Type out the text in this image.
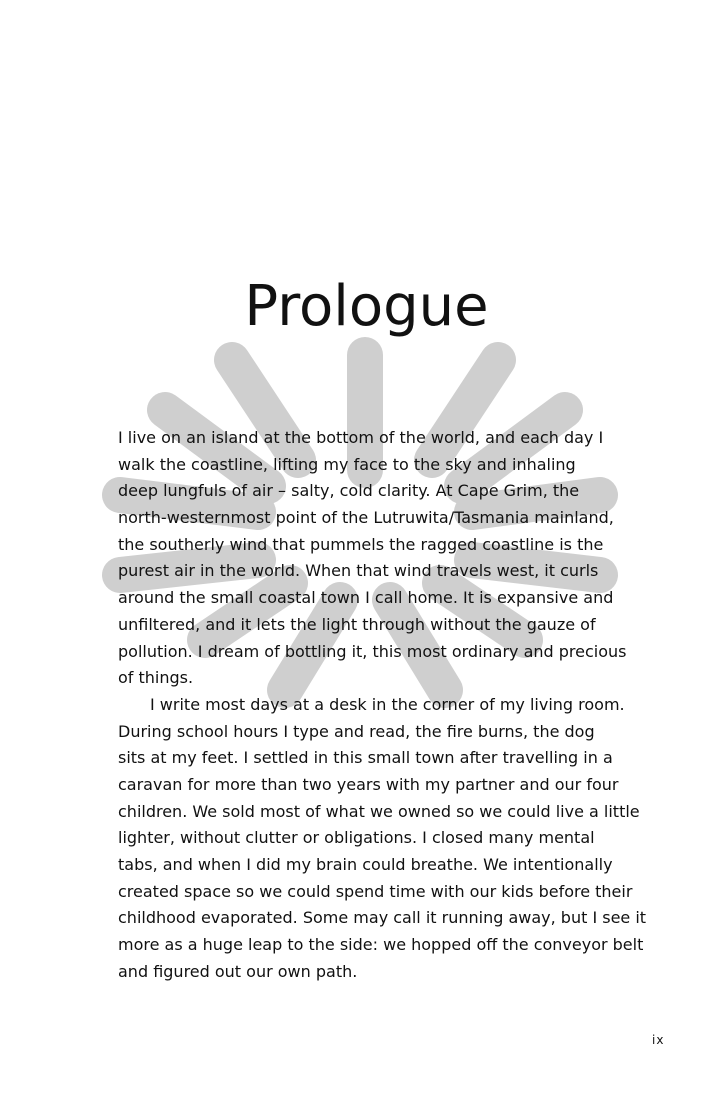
Prologue
I live on an island at the bottom of the world, and each day I
walk the coastline, lifting my face to the sky and inhaling
deep lungfuls of air – salty, cold clarity. At Cape Grim, the
north-westernmost point of the Lutruwita/Tasmania mainland,
the southerly wind that pummels the ragged coastline is the
purest air in the world. When that wind travels west, it curls
around the small coastal town I call home. It is expansive and
unfiltered, and it lets the light through without the gauze of
pollution. I dream of bottling it, this most ordinary and precious
of things.
I write most days at a desk in the corner of my living room.
During school hours I type and read, the fire burns, the dog
sits at my feet. I settled in this small town after travelling in a
caravan for more than two years with my partner and our four
children. We sold most of what we owned so we could live a little
lighter, without clutter or obligations. I closed many mental
tabs, and when I did my brain could breathe. We intentionally
created space so we could spend time with our kids before their
childhood evaporated. Some may call it running away, but I see it
more as a huge leap to the side: we hopped off the conveyor belt
and figured out our own path.
ix
